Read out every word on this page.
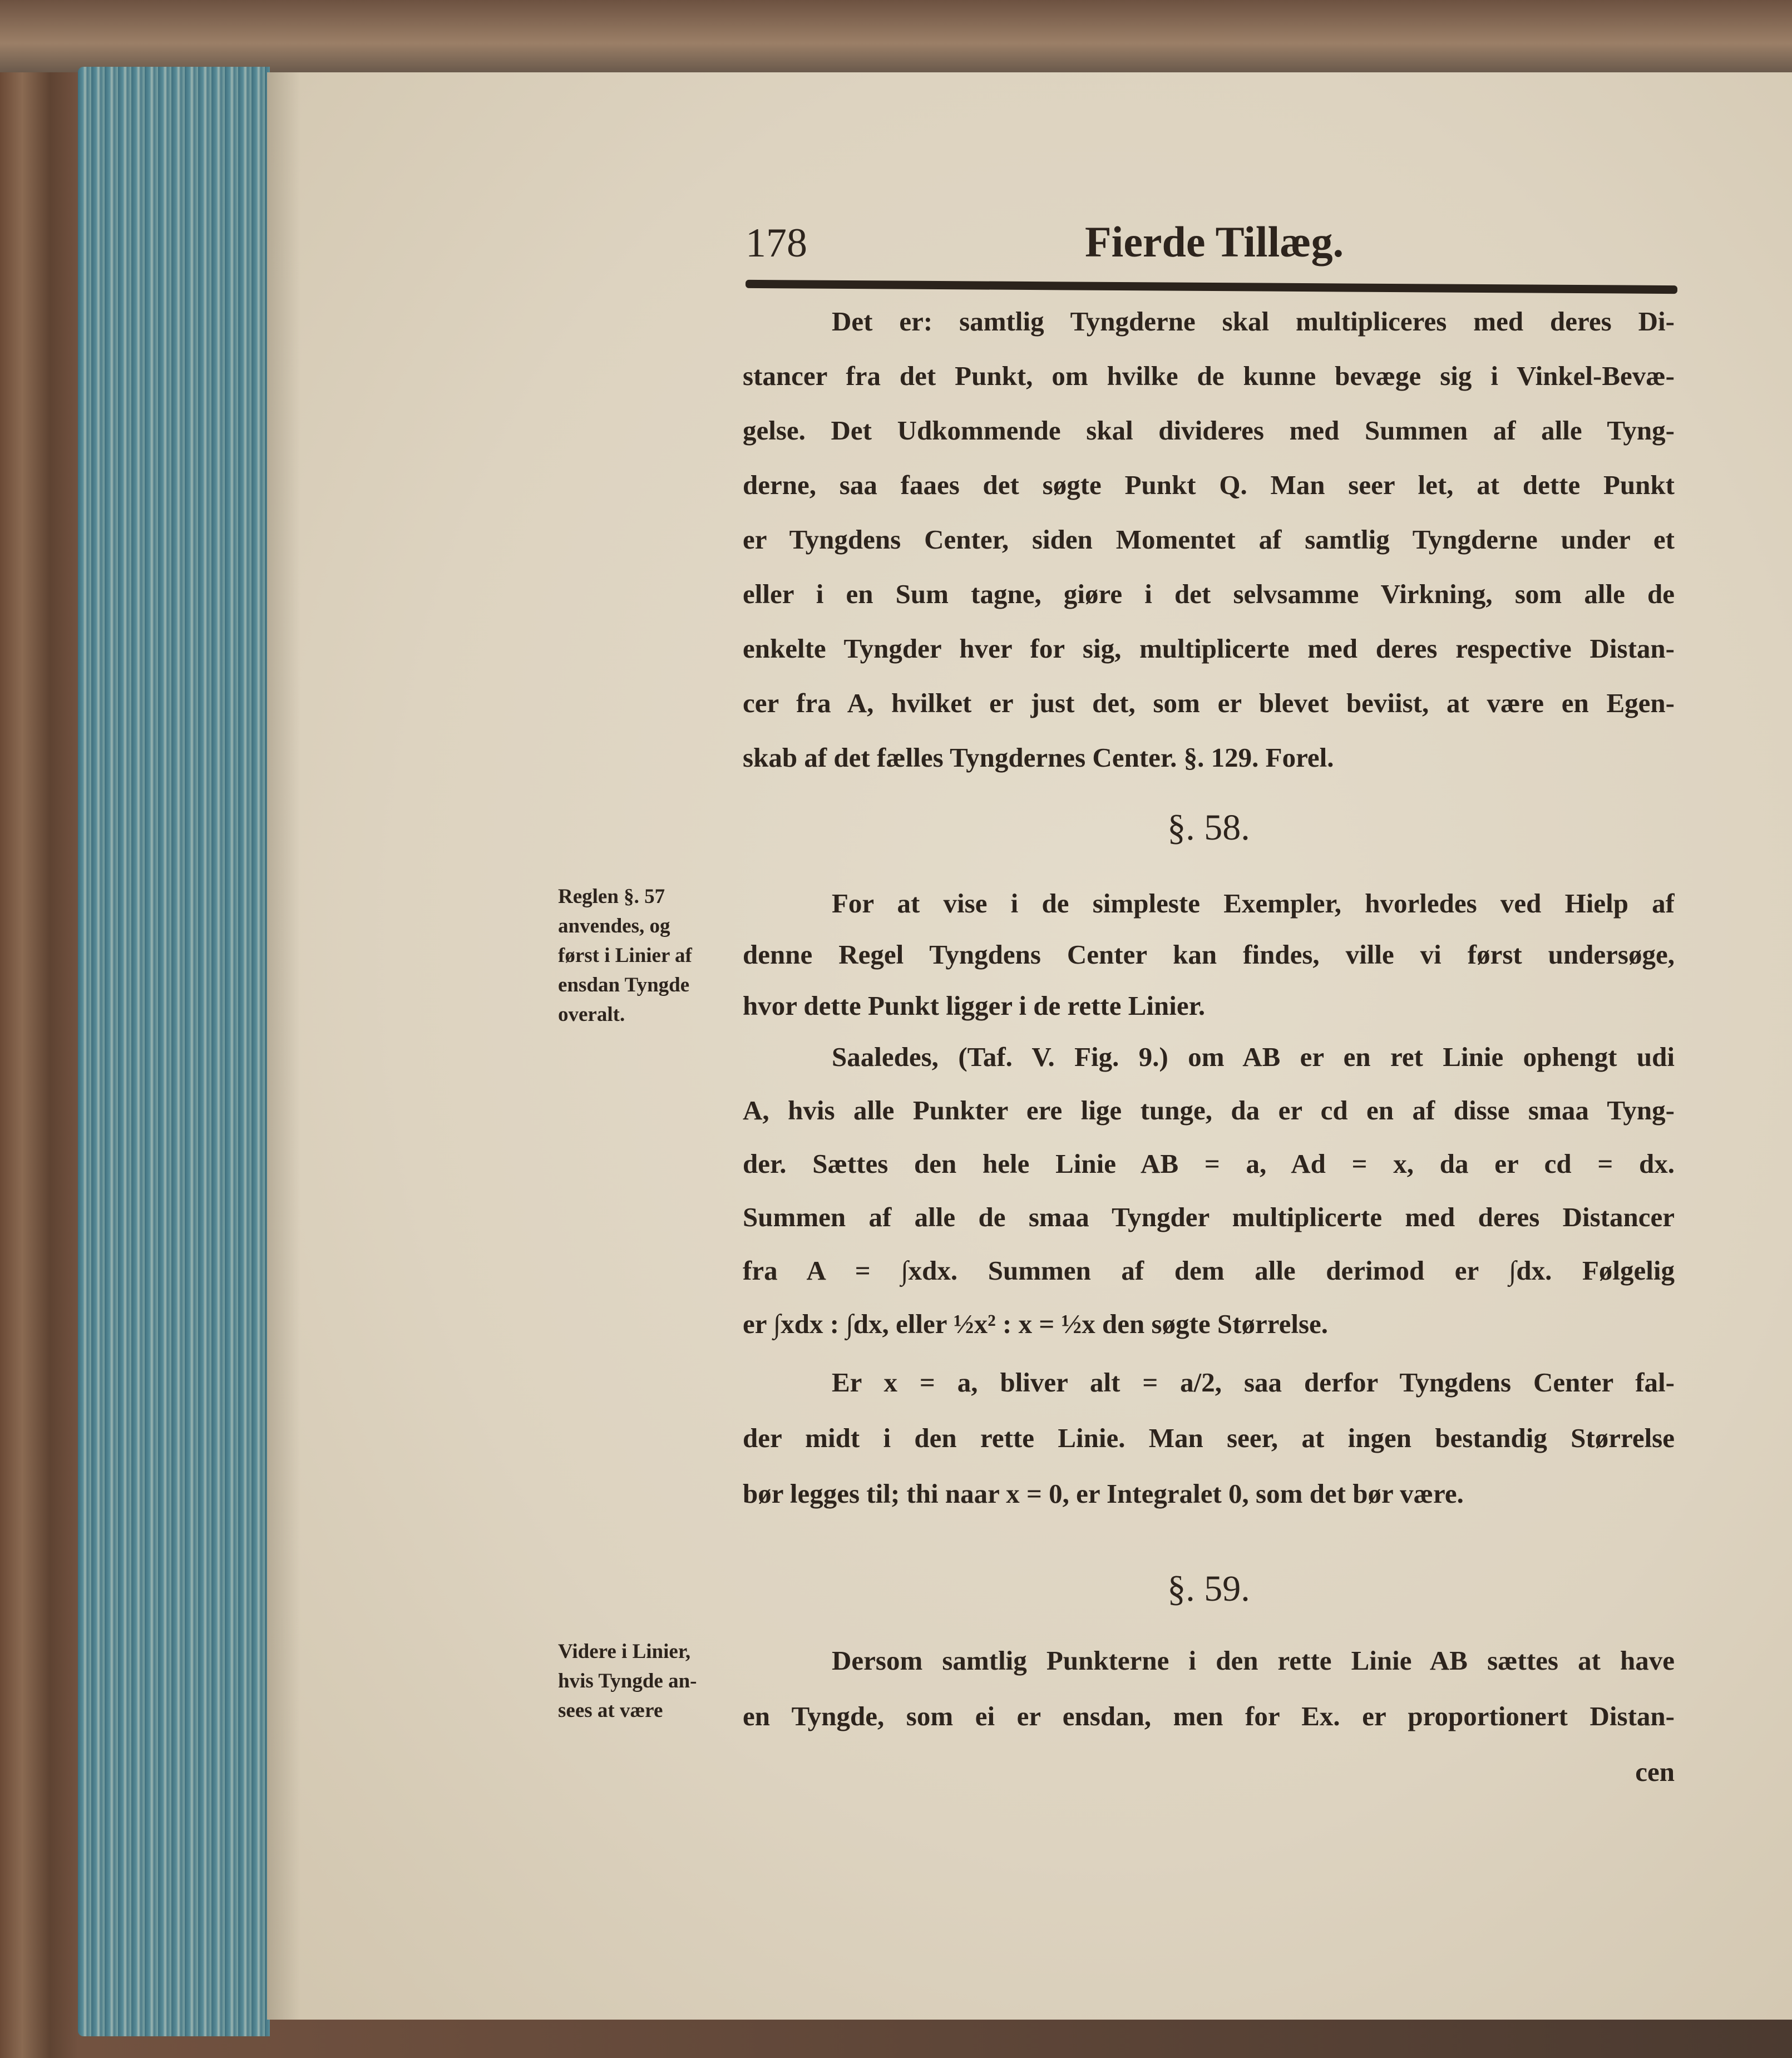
178	Fierde Tillæg.
Det er: samtlig Tyngderne skal multipliceres med deres Di-
stancer fra det Punkt, om hvilke de kunne bevæge sig i Vinkel-Bevæ-
gelse. Det Udkommende skal divideres med Summen af alle Tyng-
derne, saa faaes det søgte Punkt Q. Man seer let, at dette Punkt
er Tyngdens Center, siden Momentet af samtlig Tyngderne under et
eller i en Sum tagne, giøre i det selvsamme Virkning, som alle de
enkelte Tyngder hver for sig, multiplicerte med deres respective Distan-
cer fra A, hvilket er just det, som er blevet beviist, at være en Egen-
skab af det fælles Tyngdernes Center. §. 129. Forel.
§. 58.
For at vise i de simpleste Exempler, hvorledes ved Hielp af
denne Regel Tyngdens Center kan findes, ville vi først undersøge,
hvor dette Punkt ligger i de rette Linier.
Saaledes, (Taf. V. Fig. 9.) om AB er en ret Linie ophengt udi
A, hvis alle Punkter ere lige tunge, da er cd en af disse smaa Tyng-
der. Sættes den hele Linie AB = a, Ad = x, da er cd = dx.
Summen af alle de smaa Tyngder multiplicerte med deres Distancer
fra A = ∫xdx. Summen af dem alle derimod er ∫dx. Følgelig
er ∫xdx : ∫dx, eller ½x² : x = ½x den søgte Størrelse.
Er x = a, bliver alt = a/2, saa derfor Tyngdens Center fal-
der midt i den rette Linie. Man seer, at ingen bestandig Størrelse
bør legges til; thi naar x = 0, er Integralet 0, som det bør være.
§. 59.
Dersom samtlig Punkterne i den rette Linie AB sættes at have
en Tyngde, som ei er ensdan, men for Ex. er proportionert Distan-
cen
Reglen §. 57
anvendes, og
først i Linier af
ensdan Tyngde
overalt.
Videre i Linier,
hvis Tyngde an-
sees at være
